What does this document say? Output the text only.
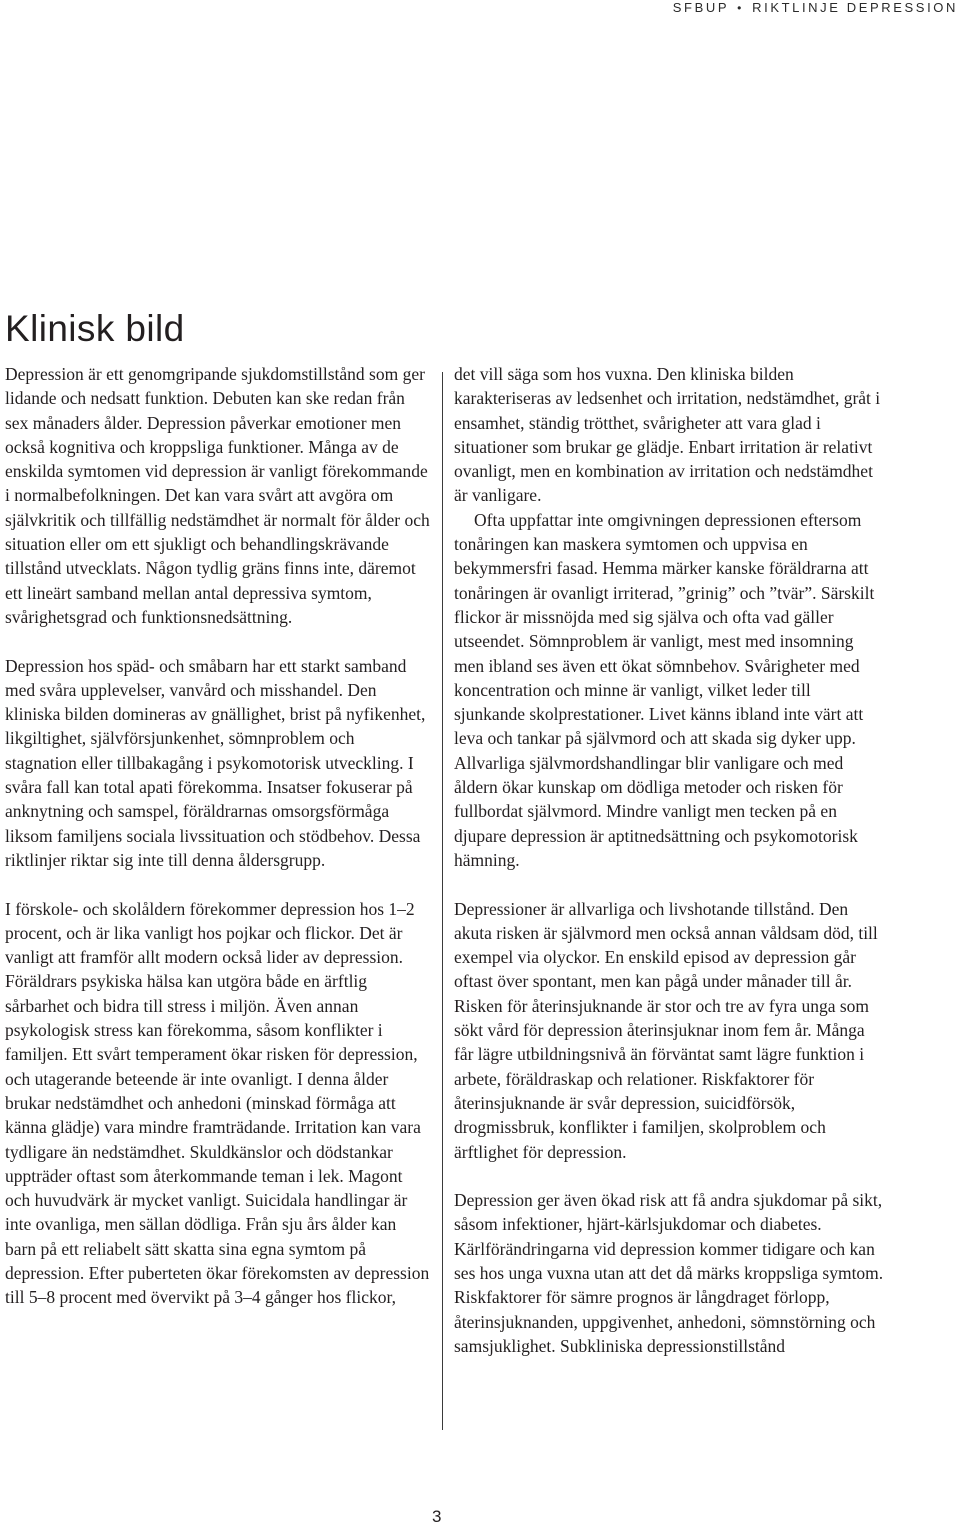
SFBUP • RIKTLINJE DEPRESSION
Klinisk bild

Depression är ett genomgripande sjukdomstillstånd som ger lidande och nedsatt funktion. Debuten kan ske redan från sex månaders ålder. Depression påverkar emotioner men också kognitiva och kroppsliga funktioner. Många av de enskilda symtomen vid depression är vanligt förekommande i normalbefolkningen. Det kan vara svårt att avgöra om självkritik och tillfällig nedstämdhet är normalt för ålder och situation eller om ett sjukligt och behandlingskrävande tillstånd utvecklats. Någon tydlig gräns finns inte, däremot ett lineärt samband mellan antal depressiva symtom, svårighetsgrad och funktionsnedsättning.

Depression hos späd- och småbarn har ett starkt samband med svåra upplevelser, vanvård och misshandel. Den kliniska bilden domineras av gnällighet, brist på nyfikenhet, likgiltighet, självförsjunkenhet, sömnproblem och stagnation eller tillbakagång i psykomotorisk utveckling. I svåra fall kan total apati förekomma. Insatser fokuserar på anknytning och samspel, föräldrarnas omsorgsförmåga liksom familjens sociala livssituation och stödbehov. Dessa riktlinjer riktar sig inte till denna åldersgrupp.

I förskole- och skolåldern förekommer depression hos 1–2 procent, och är lika vanligt hos pojkar och flickor. Det är vanligt att framför allt modern också lider av depression. Föräldrars psykiska hälsa kan utgöra både en ärftlig sårbarhet och bidra till stress i miljön. Även annan psykologisk stress kan förekomma, såsom konflikter i familjen. Ett svårt temperament ökar risken för depression, och utagerande beteende är inte ovanligt. I denna ålder brukar nedstämdhet och anhedoni (minskad förmåga att känna glädje) vara mindre framträdande. Irritation kan vara tydligare än nedstämdhet. Skuldkänslor och dödstankar uppträder oftast som återkommande teman i lek. Magont och huvudvärk är mycket vanligt. Suicidala handlingar är inte ovanliga, men sällan dödliga. Från sju års ålder kan barn på ett reliabelt sätt skatta sina egna symtom på depression. Efter puberteten ökar förekomsten av depression till 5–8 procent med övervikt på 3–4 gånger hos flickor,

det vill säga som hos vuxna. Den kliniska bilden karakteriseras av ledsenhet och irritation, nedstämdhet, gråt i ensamhet, ständig trötthet, svårigheter att vara glad i situationer som brukar ge glädje. Enbart irritation är relativt ovanligt, men en kombination av irritation och nedstämdhet är vanligare.

Ofta uppfattar inte omgivningen depressionen eftersom tonåringen kan maskera symtomen och uppvisa en bekymmersfri fasad. Hemma märker kanske föräldrarna att tonåringen är ovanligt irriterad, ”grinig” och ”tvär”. Särskilt flickor är missnöjda med sig själva och ofta vad gäller utseendet. Sömnproblem är vanligt, mest med insomning men ibland ses även ett ökat sömnbehov. Svårigheter med koncentration och minne är vanligt, vilket leder till sjunkande skolprestationer. Livet känns ibland inte värt att leva och tankar på självmord och att skada sig dyker upp. Allvarliga självmordshandlingar blir vanligare och med åldern ökar kunskap om dödliga metoder och risken för fullbordat självmord. Mindre vanligt men tecken på en djupare depression är aptitnedsättning och psykomotorisk hämning.

Depressioner är allvarliga och livshotande tillstånd. Den akuta risken är självmord men också annan våldsam död, till exempel via olyckor. En enskild episod av depression går oftast över spontant, men kan pågå under månader till år. Risken för återinsjuknande är stor och tre av fyra unga som sökt vård för depression återinsjuknar inom fem år. Många får lägre utbildningsnivå än förväntat samt lägre funktion i arbete, föräldraskap och relationer. Riskfaktorer för återinsjuknande är svår depression, suicidförsök, drogmissbruk, konflikter i familjen, skolproblem och ärftlighet för depression.

Depression ger även ökad risk att få andra sjukdomar på sikt, såsom infektioner, hjärt-kärlsjukdomar och diabetes. Kärlförändringarna vid depression kommer tidigare och kan ses hos unga vuxna utan att det då märks kroppsliga symtom. Riskfaktorer för sämre prognos är långdraget förlopp, återinsjuknanden, uppgivenhet, anhedoni, sömnstörning och samsjuklighet. Subkliniska depressionstillstånd

3
